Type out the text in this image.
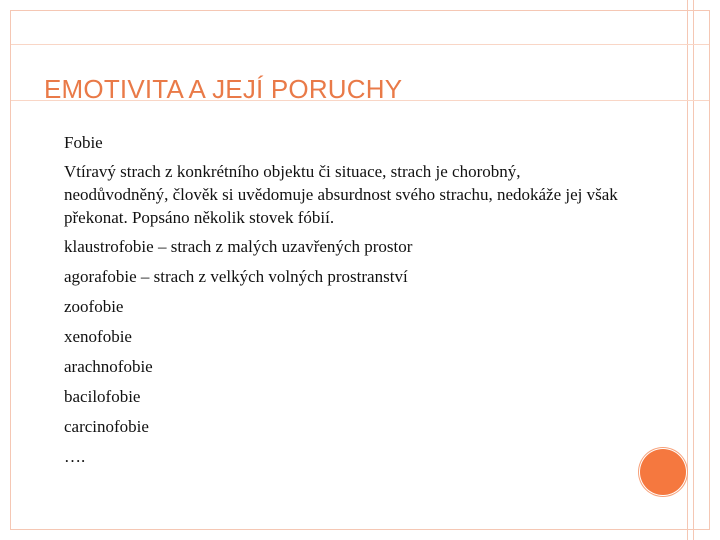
EMOTIVITA A JEJÍ PORUCHY
Fobie
Vtíravý strach z konkrétního objektu či situace, strach je chorobný, neodůvodněný, člověk si uvědomuje absurdnost svého strachu, nedokáže jej však překonat. Popsáno několik stovek fóbií.
klaustrofobie – strach z malých uzavřených prostor
agorafobie – strach z velkých volných prostranství
zoofobie
xenofobie
arachnofobie
bacilofobie
carcinofobie
….
